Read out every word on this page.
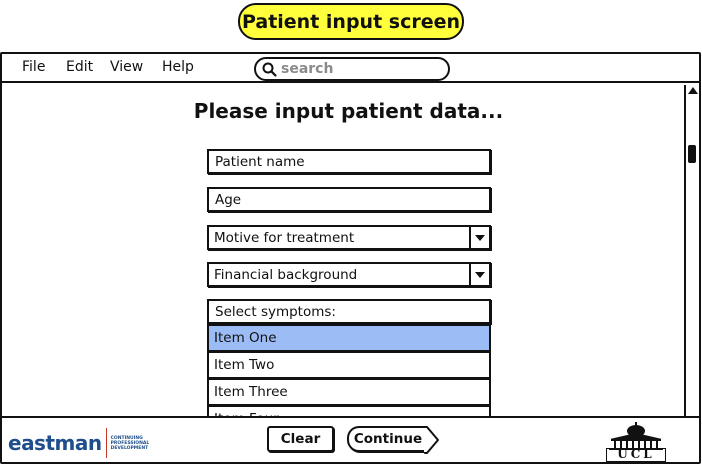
Patient input screen
File Edit View Help
search
Please input patient data...
Patient name
Age
Motive for treatment
Financial background
Select symptoms:
Item One
Item Two
Item Three
eastman CONTINUING PROFESSIONAL DEVELOPMENT
Clear	Continue
UCL
